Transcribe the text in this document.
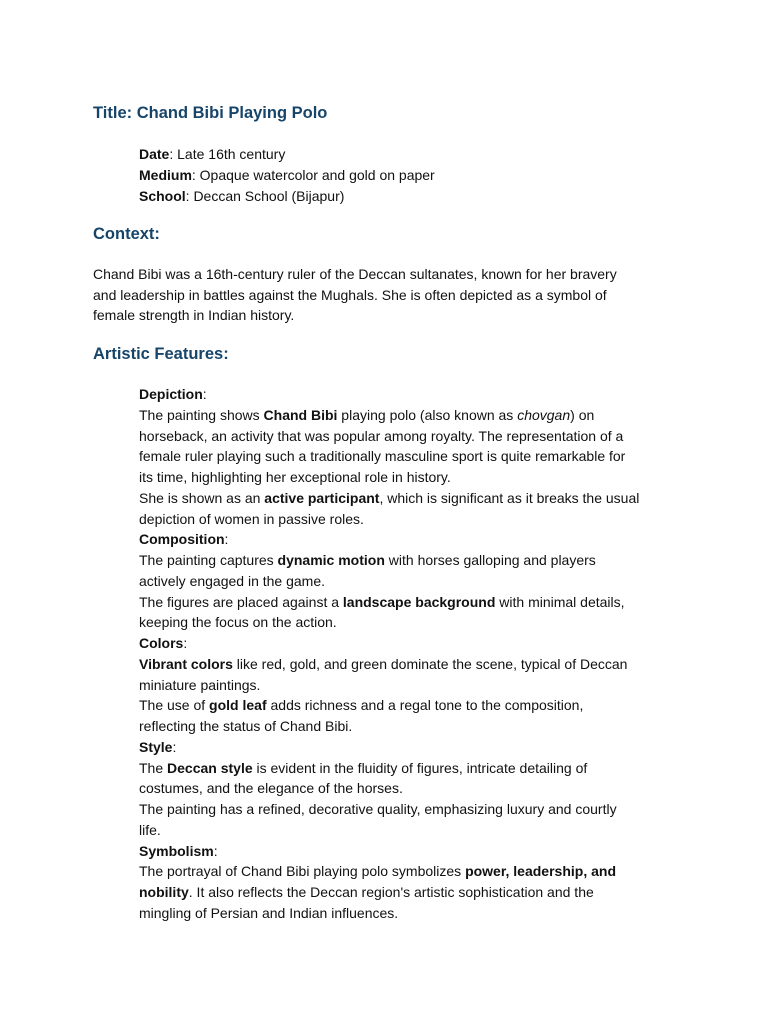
Title: Chand Bibi Playing Polo
Date: Late 16th century
Medium: Opaque watercolor and gold on paper
School: Deccan School (Bijapur)
Context:
Chand Bibi was a 16th-century ruler of the Deccan sultanates, known for her bravery
and leadership in battles against the Mughals. She is often depicted as a symbol of
female strength in Indian history.
Artistic Features:
Depiction:
The painting shows Chand Bibi playing polo (also known as chovgan) on
horseback, an activity that was popular among royalty. The representation of a
female ruler playing such a traditionally masculine sport is quite remarkable for
its time, highlighting her exceptional role in history.
She is shown as an active participant, which is significant as it breaks the usual
depiction of women in passive roles.
Composition:
The painting captures dynamic motion with horses galloping and players
actively engaged in the game.
The figures are placed against a landscape background with minimal details,
keeping the focus on the action.
Colors:
Vibrant colors like red, gold, and green dominate the scene, typical of Deccan
miniature paintings.
The use of gold leaf adds richness and a regal tone to the composition,
reflecting the status of Chand Bibi.
Style:
The Deccan style is evident in the fluidity of figures, intricate detailing of
costumes, and the elegance of the horses.
The painting has a refined, decorative quality, emphasizing luxury and courtly
life.
Symbolism:
The portrayal of Chand Bibi playing polo symbolizes power, leadership, and
nobility. It also reflects the Deccan region's artistic sophistication and the
mingling of Persian and Indian influences.
